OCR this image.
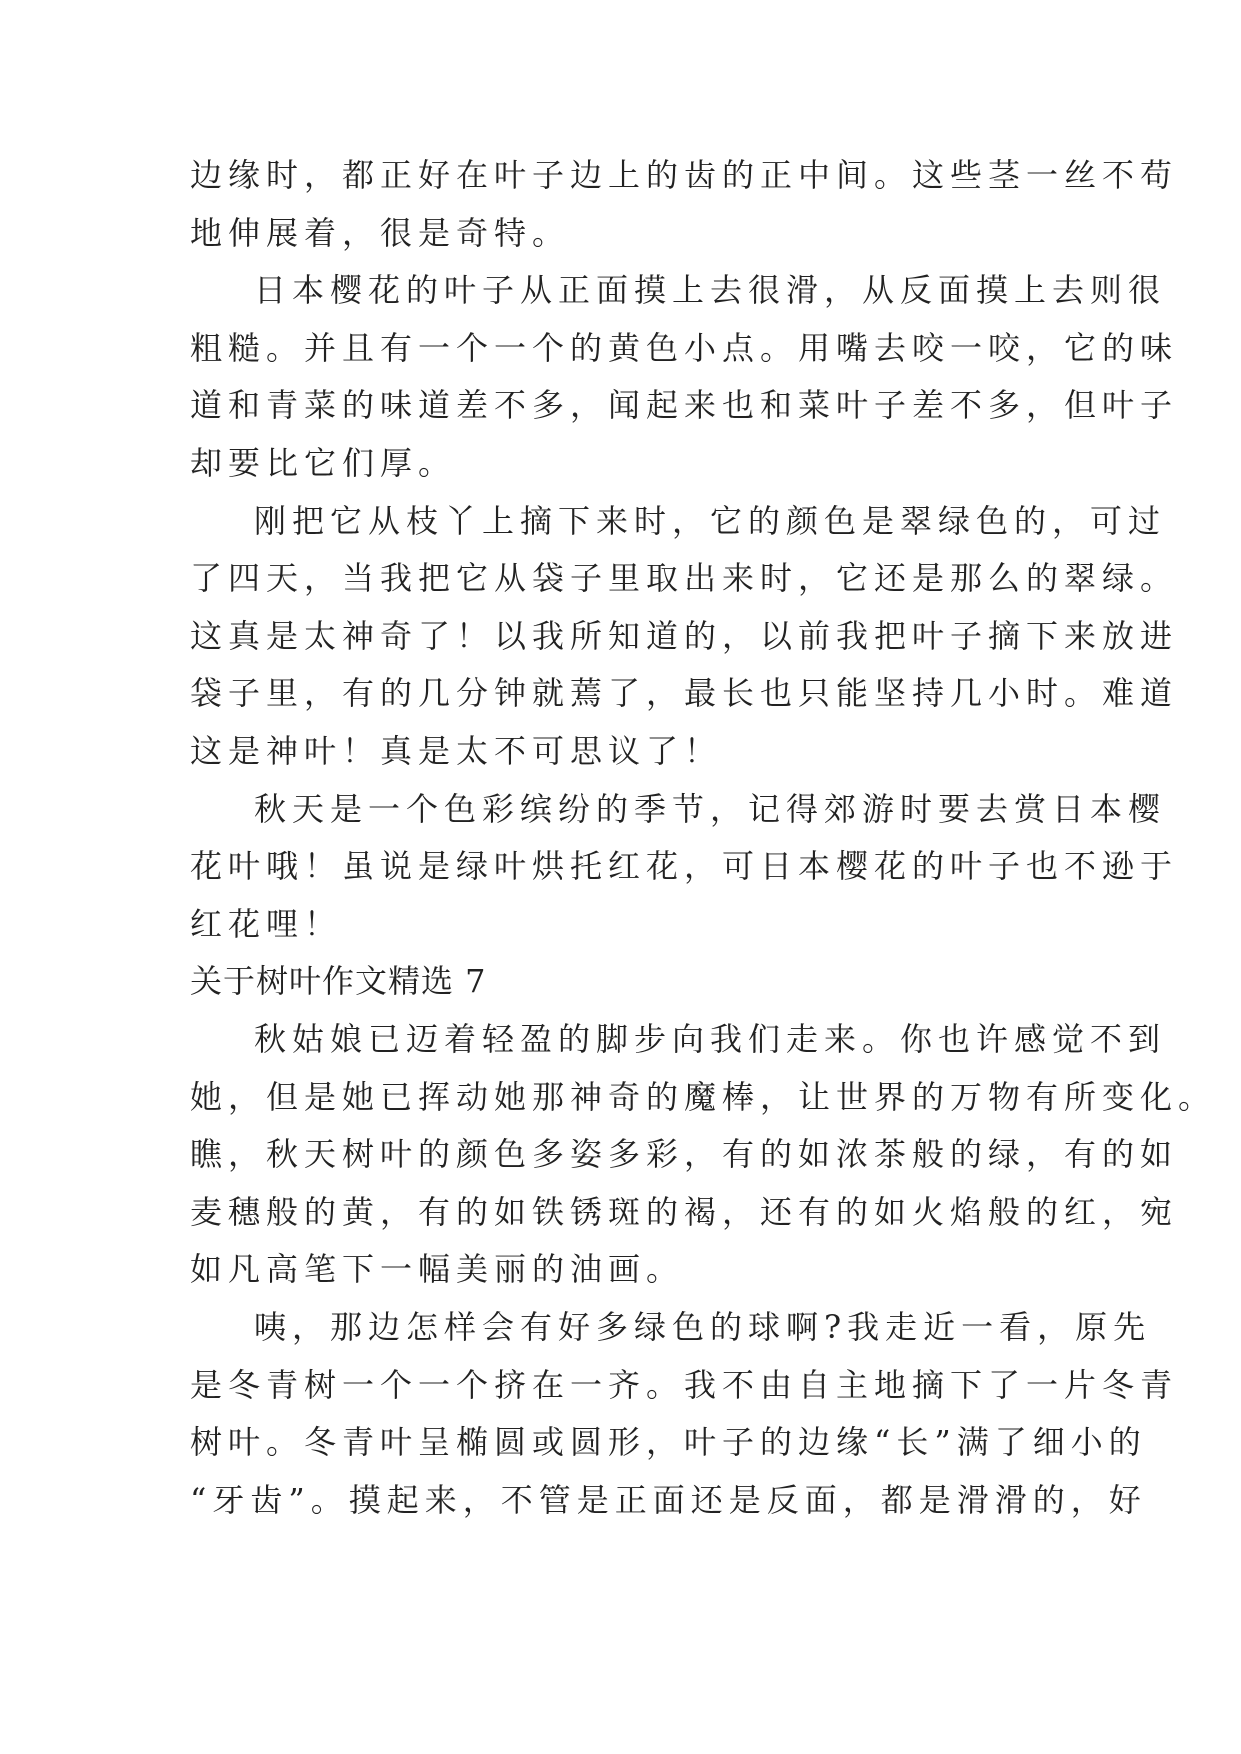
边缘时，都正好在叶子边上的齿的正中间。这些茎一丝不苟
地伸展着，很是奇特。
日本樱花的叶子从正面摸上去很滑，从反面摸上去则很
粗糙。并且有一个一个的黄色小点。用嘴去咬一咬，它的味
道和青菜的味道差不多，闻起来也和菜叶子差不多，但叶子
却要比它们厚。
刚把它从枝丫上摘下来时，它的颜色是翠绿色的，可过
了四天，当我把它从袋子里取出来时，它还是那么的翠绿。
这真是太神奇了！以我所知道的，以前我把叶子摘下来放进
袋子里，有的几分钟就蔫了，最长也只能坚持几小时。难道
这是神叶！真是太不可思议了！
秋天是一个色彩缤纷的季节，记得郊游时要去赏日本樱
花叶哦！虽说是绿叶烘托红花，可日本樱花的叶子也不逊于
红花哩！
关于树叶作文精选 7
秋姑娘已迈着轻盈的脚步向我们走来。你也许感觉不到
她，但是她已挥动她那神奇的魔棒，让世界的万物有所变化。
瞧，秋天树叶的颜色多姿多彩，有的如浓茶般的绿，有的如
麦穗般的黄，有的如铁锈斑的褐，还有的如火焰般的红，宛
如凡高笔下一幅美丽的油画。
咦，那边怎样会有好多绿色的球啊?我走近一看，原先
是冬青树一个一个挤在一齐。我不由自主地摘下了一片冬青
树叶。冬青叶呈椭圆或圆形，叶子的边缘“长”满了细小的
“牙齿”。摸起来，不管是正面还是反面，都是滑滑的，好
